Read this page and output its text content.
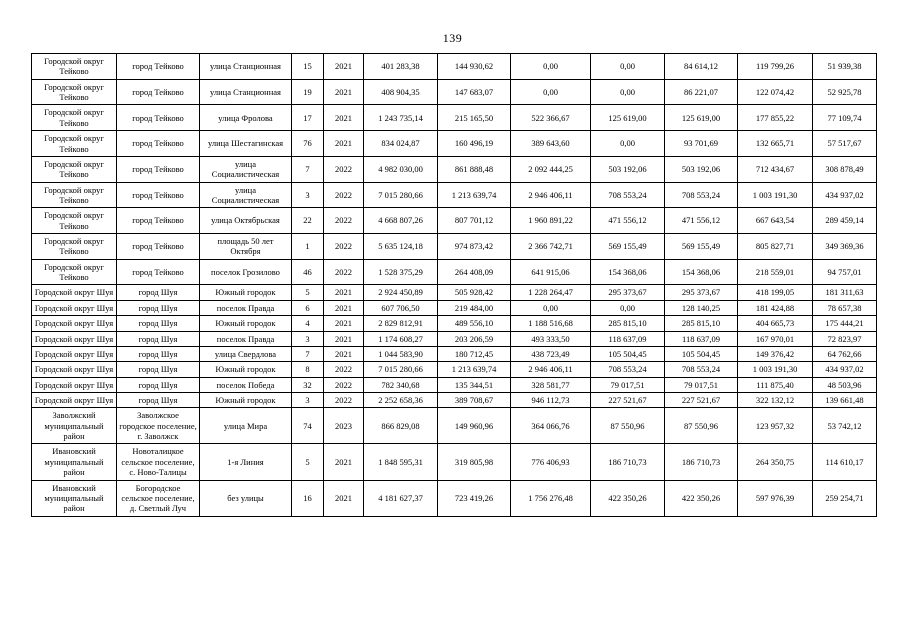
139
Городской округ Тейково	город Тейково	улица Станционная	15	2021	401 283,38	144 930,62	0,00	0,00	84 614,12	119 799,26	51 939,38
Городской округ Тейково	город Тейково	улица Станционная	19	2021	408 904,35	147 683,07	0,00	0,00	86 221,07	122 074,42	52 925,78
Городской округ Тейково	город Тейково	улица Фролова	17	2021	1 243 735,14	215 165,50	522 366,67	125 619,00	125 619,00	177 855,22	77 109,74
Городской округ Тейково	город Тейково	улица Шестагинская	76	2021	834 024,87	160 496,19	389 643,60	0,00	93 701,69	132 665,71	57 517,67
Городской округ Тейково	город Тейково	улица Социалистическая	7	2022	4 982 030,00	861 888,48	2 092 444,25	503 192,06	503 192,06	712 434,67	308 878,49
Городской округ Тейково	город Тейково	улица Социалистическая	3	2022	7 015 280,66	1 213 639,74	2 946 406,11	708 553,24	708 553,24	1 003 191,30	434 937,02
Городской округ Тейково	город Тейково	улица Октябрьская	22	2022	4 668 807,26	807 701,12	1 960 891,22	471 556,12	471 556,12	667 643,54	289 459,14
Городской округ Тейково	город Тейково	площадь 50 лет Октября	1	2022	5 635 124,18	974 873,42	2 366 742,71	569 155,49	569 155,49	805 827,71	349 369,36
Городской округ Тейково	город Тейково	поселок Грозилово	46	2022	1 528 375,29	264 408,09	641 915,06	154 368,06	154 368,06	218 559,01	94 757,01
Городской округ Шуя	город Шуя	Южный городок	5	2021	2 924 450,89	505 928,42	1 228 264,47	295 373,67	295 373,67	418 199,05	181 311,63
Городской округ Шуя	город Шуя	поселок Правда	6	2021	607 706,50	219 484,00	0,00	0,00	128 140,25	181 424,88	78 657,38
Городской округ Шуя	город Шуя	Южный городок	4	2021	2 829 812,91	489 556,10	1 188 516,68	285 815,10	285 815,10	404 665,73	175 444,21
Городской округ Шуя	город Шуя	поселок Правда	3	2021	1 174 608,27	203 206,59	493 333,50	118 637,09	118 637,09	167 970,01	72 823,97
Городской округ Шуя	город Шуя	улица Свердлова	7	2021	1 044 583,90	180 712,45	438 723,49	105 504,45	105 504,45	149 376,42	64 762,66
Городской округ Шуя	город Шуя	Южный городок	8	2022	7 015 280,66	1 213 639,74	2 946 406,11	708 553,24	708 553,24	1 003 191,30	434 937,02
Городской округ Шуя	город Шуя	поселок Победа	32	2022	782 340,68	135 344,51	328 581,77	79 017,51	79 017,51	111 875,40	48 503,96
Городской округ Шуя	город Шуя	Южный городок	3	2022	2 252 658,36	389 708,67	946 112,73	227 521,67	227 521,67	322 132,12	139 661,48
Заволжский муниципальный район	Заволжское городское поселение, г. Заволжск	улица Мира	74	2023	866 829,08	149 960,96	364 066,76	87 550,96	87 550,96	123 957,32	53 742,12
Ивановский муниципальный район	Новоталицкое сельское поселение, с. Ново-Талицы	1-я Линия	5	2021	1 848 595,31	319 805,98	776 406,93	186 710,73	186 710,73	264 350,75	114 610,17
Ивановский муниципальный район	Богородское сельское поселение, д. Светлый Луч	без улицы	16	2021	4 181 627,37	723 419,26	1 756 276,48	422 350,26	422 350,26	597 976,39	259 254,71
